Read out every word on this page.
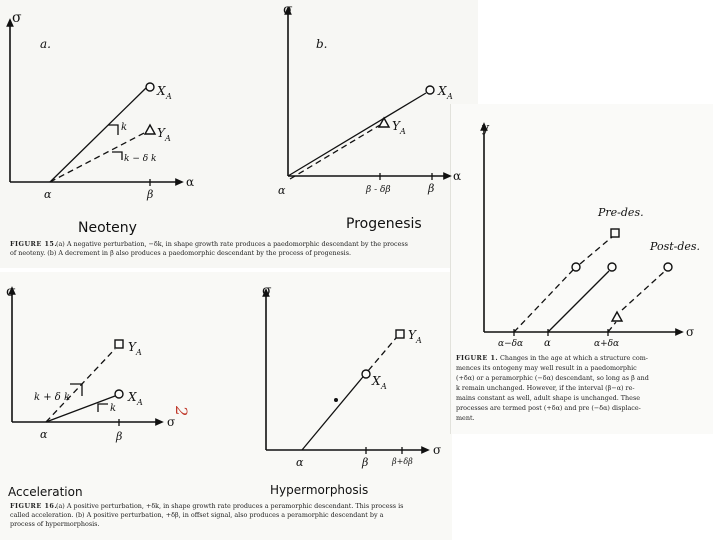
σ
α
a.
X A
Y A
k
k − δ k
α	β
Neoteny
σ
α
b.
X A
Y A
α	β - δβ	β
Progenesis
FIGURE 15.
(a) A negative perturbation, −δk, in shape growth rate produces a paedomorphic descendant by the process
of neoteny. (b) A decrement in β also produces a paedomorphic descendant by the process of progenesis.
σ
σ
Y A
X A
k + δ k
k
α	β
2
Acceleration
σ
σ
X A
Y A
α	β	β+δβ
Hypermorphosis
FIGURE 16.
(a) A positive perturbation, +δk, in shape growth rate produces a peramorphic descendant. This process is
called acceleration. (b) A positive perturbation, +δβ, in offset signal, also produces a peramorphic descendant by a
process of hypermorphosis.
y
σ
Pre-des.
Post-des.
α−δα α	α+δα
FIGURE 1. Changes in the age at which a structure com-
mences its ontogeny may well result in a paedomorphic
(+δα) or a peramorphic (−δα) descendant, so long as β and
k remain unchanged. However, if the interval (β−α) re-
mains constant as well, adult shape is unchanged. These
processes are termed post (+δα) and pre (−δα) displace-
ment.
